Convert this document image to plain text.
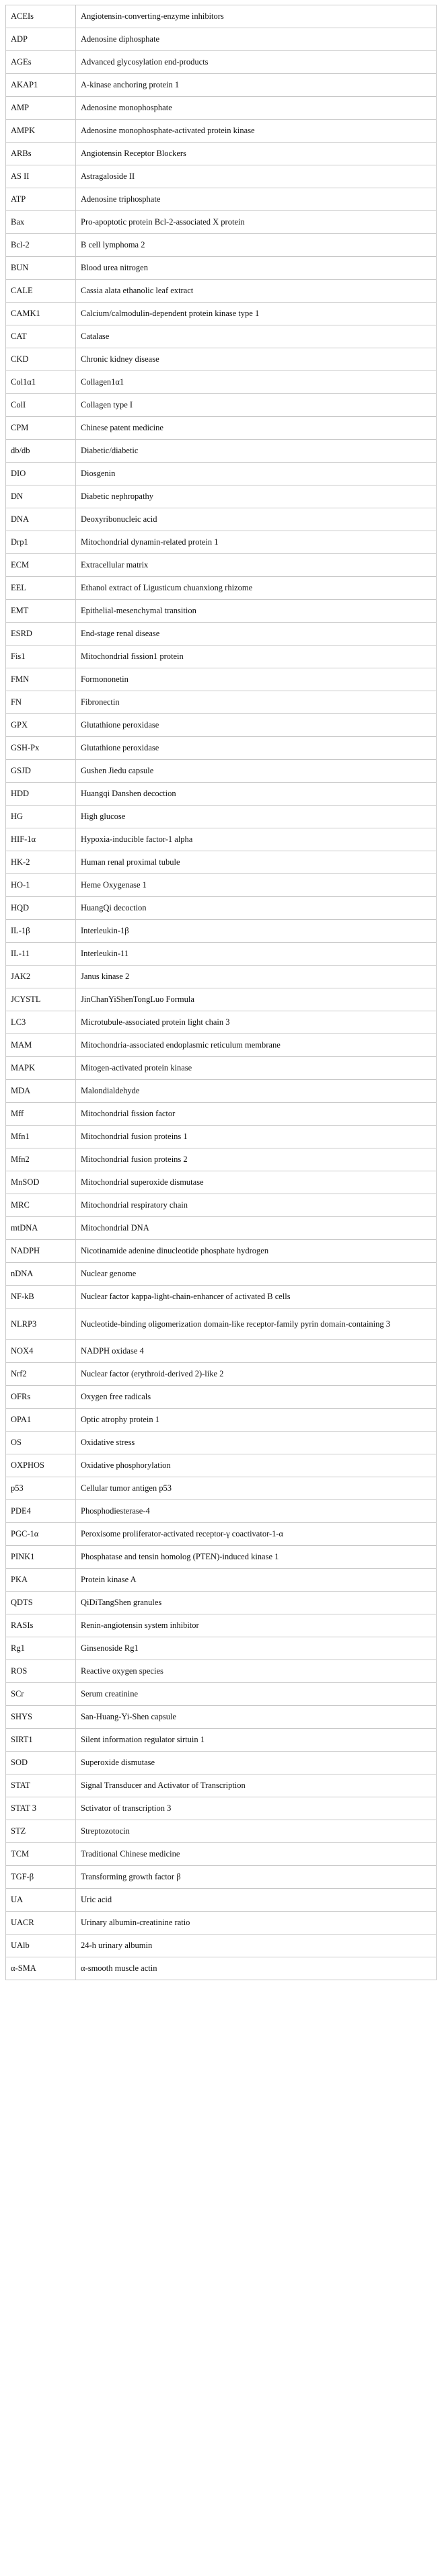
ACEIs	Angiotensin-converting-enzyme inhibitors
ADP	Adenosine diphosphate
AGEs	Advanced glycosylation end-products
AKAP1	A-kinase anchoring protein 1
AMP	Adenosine monophosphate
AMPK	Adenosine monophosphate-activated protein kinase
ARBs	Angiotensin Receptor Blockers
AS II	Astragaloside II
ATP	Adenosine triphosphate
Bax	Pro-apoptotic protein Bcl-2-associated X protein
Bcl-2	B cell lymphoma 2
BUN	Blood urea nitrogen
CALE	Cassia alata ethanolic leaf extract
CAMK1	Calcium/calmodulin-dependent protein kinase type 1
CAT	Catalase
CKD	Chronic kidney disease
Col1α1	Collagen1α1
ColI	Collagen type I
CPM	Chinese patent medicine
db/db	Diabetic/diabetic
DIO	Diosgenin
DN	Diabetic nephropathy
DNA	Deoxyribonucleic acid
Drp1	Mitochondrial dynamin-related protein 1
ECM	Extracellular matrix
EEL	Ethanol extract of Ligusticum chuanxiong rhizome
EMT	Epithelial-mesenchymal transition
ESRD	End-stage renal disease
Fis1	Mitochondrial fission1 protein
FMN	Formononetin
FN	Fibronectin
GPX	Glutathione peroxidase
GSH-Px	Glutathione peroxidase
GSJD	Gushen Jiedu capsule
HDD	Huangqi Danshen decoction
HG	High glucose
HIF-1α	Hypoxia-inducible factor-1 alpha
HK-2	Human renal proximal tubule
HO-1	Heme Oxygenase 1
HQD	HuangQi decoction
IL-1β	Interleukin-1β
IL-11	Interleukin-11
JAK2	Janus kinase 2
JCYSTL	JinChanYiShenTongLuo Formula
LC3	Microtubule-associated protein light chain 3
MAM	Mitochondria-associated endoplasmic reticulum membrane
MAPK	Mitogen-activated protein kinase
MDA	Malondialdehyde
Mff	Mitochondrial fission factor
Mfn1	Mitochondrial fusion proteins 1
Mfn2	Mitochondrial fusion proteins 2
MnSOD	Mitochondrial superoxide dismutase
MRC	Mitochondrial respiratory chain
mtDNA	Mitochondrial DNA
NADPH	Nicotinamide adenine dinucleotide phosphate hydrogen
nDNA	Nuclear genome
NF-kB	Nuclear factor kappa-light-chain-enhancer of activated B cells
NLRP3	Nucleotide-binding oligomerization domain-like receptor-family pyrin domain-containing 3
NOX4	NADPH oxidase 4
Nrf2	Nuclear factor (erythroid-derived 2)-like 2
OFRs	Oxygen free radicals
OPA1	Optic atrophy protein 1
OS	Oxidative stress
OXPHOS	Oxidative phosphorylation
p53	Cellular tumor antigen p53
PDE4	Phosphodiesterase-4
PGC-1α	Peroxisome proliferator-activated receptor-γ coactivator-1-α
PINK1	Phosphatase and tensin homolog (PTEN)-induced kinase 1
PKA	Protein kinase A
QDTS	QiDiTangShen granules
RASIs	Renin-angiotensin system inhibitor
Rg1	Ginsenoside Rg1
ROS	Reactive oxygen species
SCr	Serum creatinine
SHYS	San-Huang-Yi-Shen capsule
SIRT1	Silent information regulator sirtuin 1
SOD	Superoxide dismutase
STAT	Signal Transducer and Activator of Transcription
STAT 3	Sctivator of transcription 3
STZ	Streptozotocin
TCM	Traditional Chinese medicine
TGF-β	Transforming growth factor β
UA	Uric acid
UACR	Urinary albumin-creatinine ratio
UAlb	24-h urinary albumin
α-SMA	α-smooth muscle actin
